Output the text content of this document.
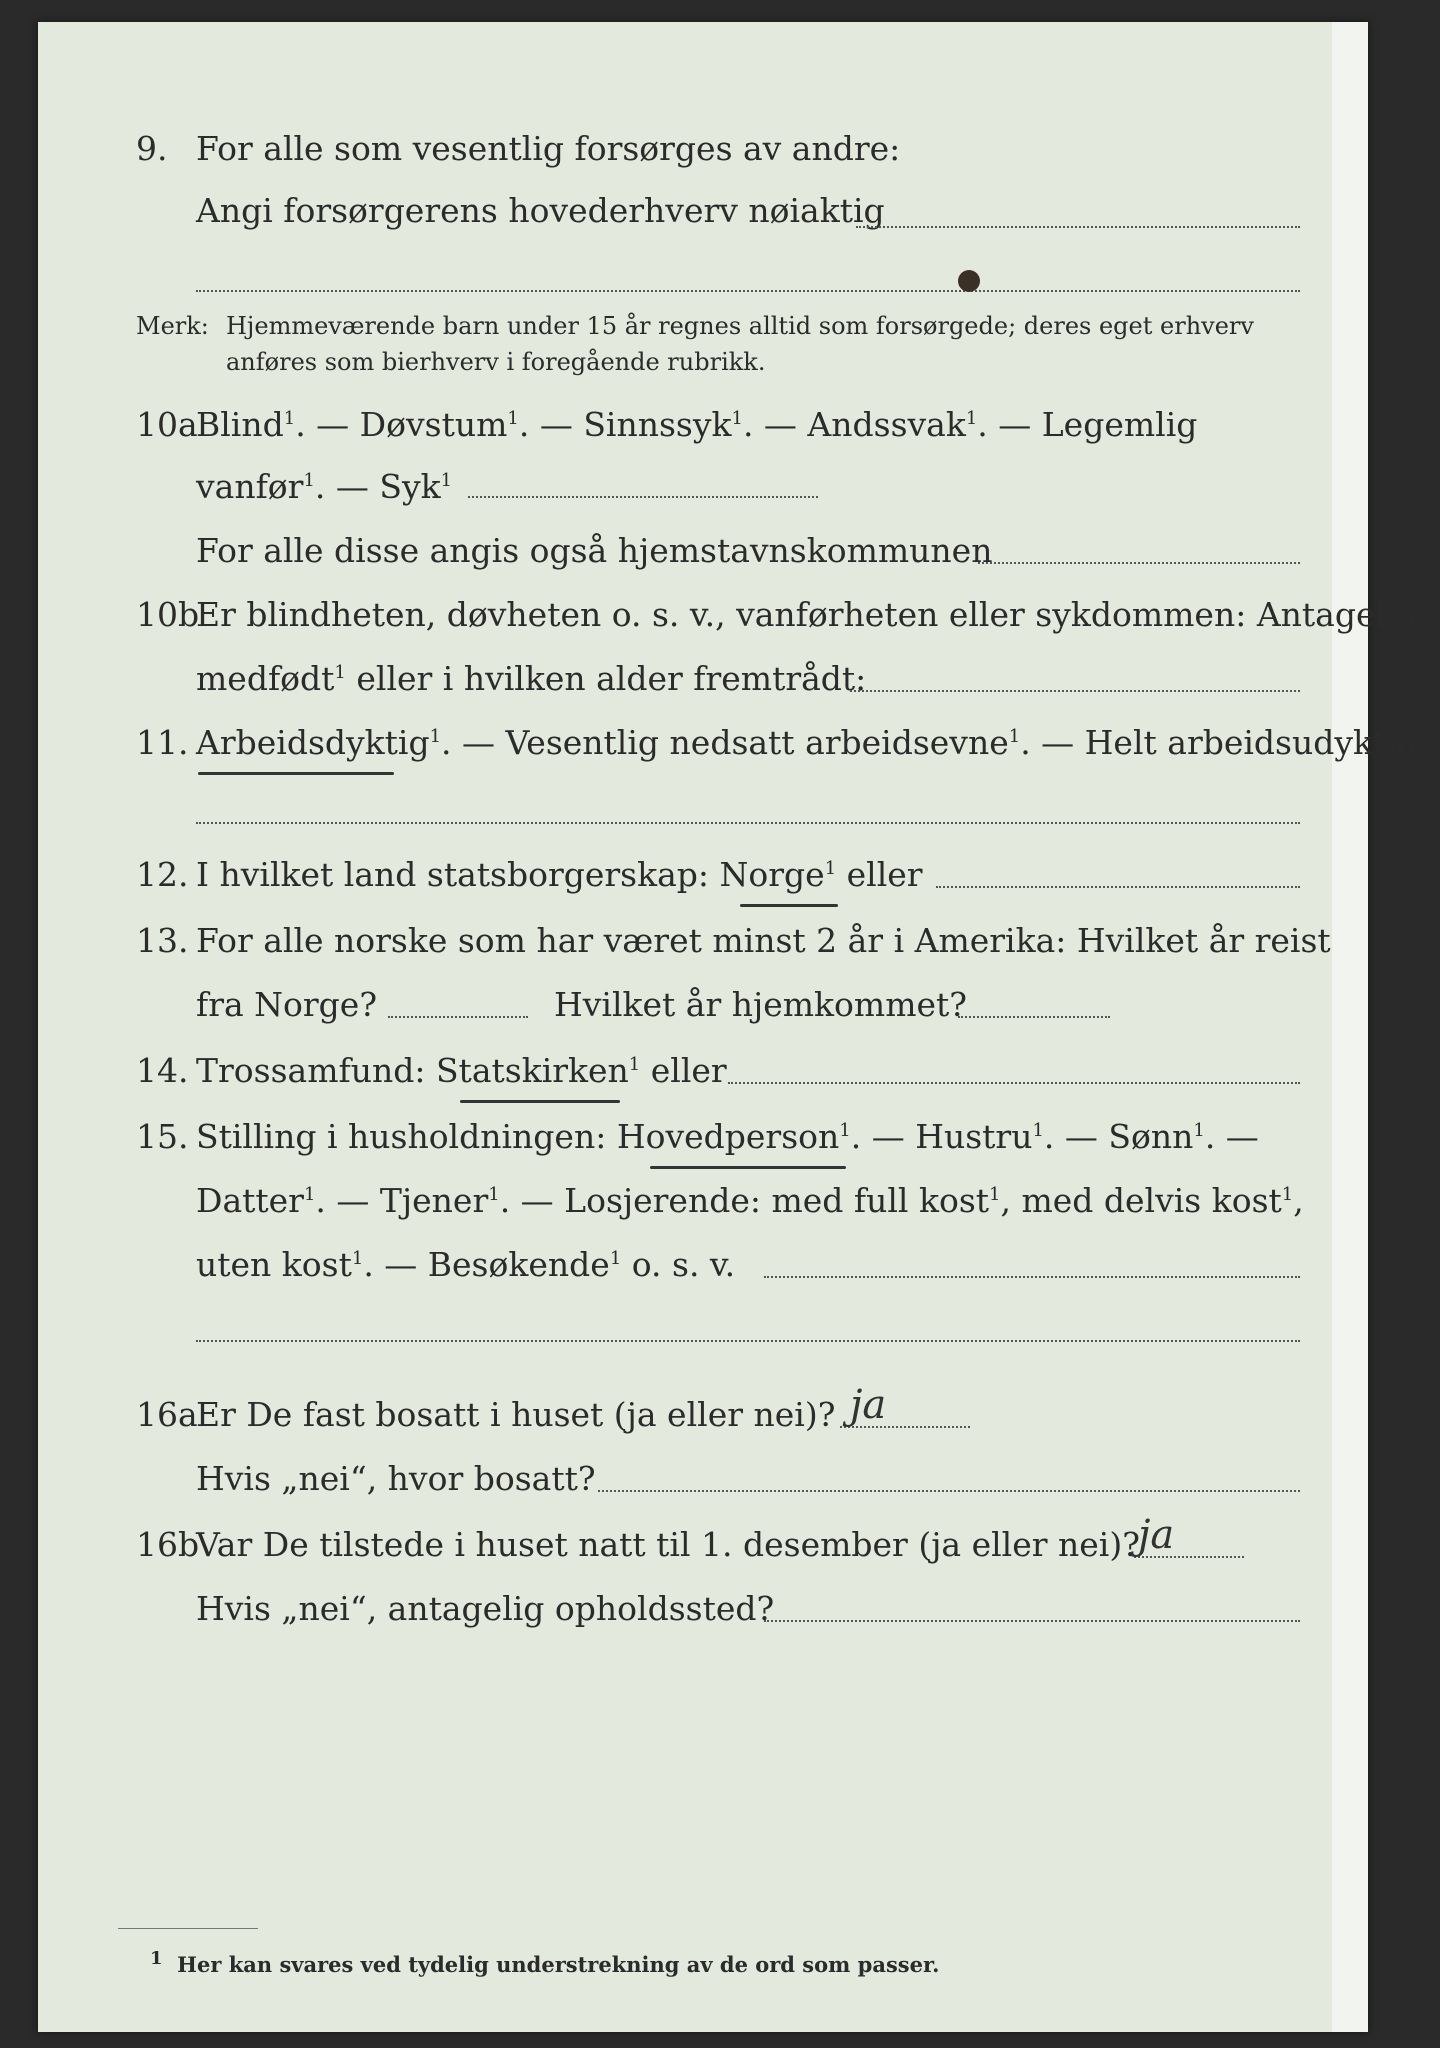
9. For alle som vesentlig forsørges av andre:
Angi forsørgerens hovederhverv nøiaktig
Merk: Hjemmeværende barn under 15 år regnes alltid som forsørgede; deres eget erhverv
anføres som bierhverv i foregående rubrikk.
10a
Blind$^1$. — Døvstum$^1$. — Sinnssyk$^1$. — Andssvak$^1$. — Legemlig
vanfør$^1$. — Syk$^1$
For alle disse angis også hjemstavnskommunen
10b
Er blindheten, døvheten o. s. v., vanførheten eller sykdommen: Antagelig
medfødt$^1$ eller i hvilken alder fremtrådt:
11. Arbeidsdyktig$^1$. — Vesentlig nedsatt arbeidsevne$^1$. — Helt arbeidsudyktig$^1$.
12. I hvilket land statsborgerskap: Norge$^1$ eller
13. For alle norske som har været minst 2 år i Amerika: Hvilket år reist
fra Norge?	Hvilket år hjemkommet?
14. Trossamfund: Statskirken$^1$ eller
15. Stilling i husholdningen: Hovedperson$^1$. — Hustru$^1$. — Sønn$^1$. —
Datter$^1$. — Tjener$^1$. — Losjerende: med full kost$^1$, med delvis kost$^1$,
uten kost$^1$. — Besøkende$^1$ o. s. v.
16a
Er De fast bosatt i huset (ja eller nei)? ja
Hvis „nei“, hvor bosatt?
16b
Var De tilstede i huset natt til 1. desember (ja eller nei)?
ja
Hvis „nei“, antagelig opholdssted?
1 Her kan svares ved tydelig understrekning av de ord som passer.
